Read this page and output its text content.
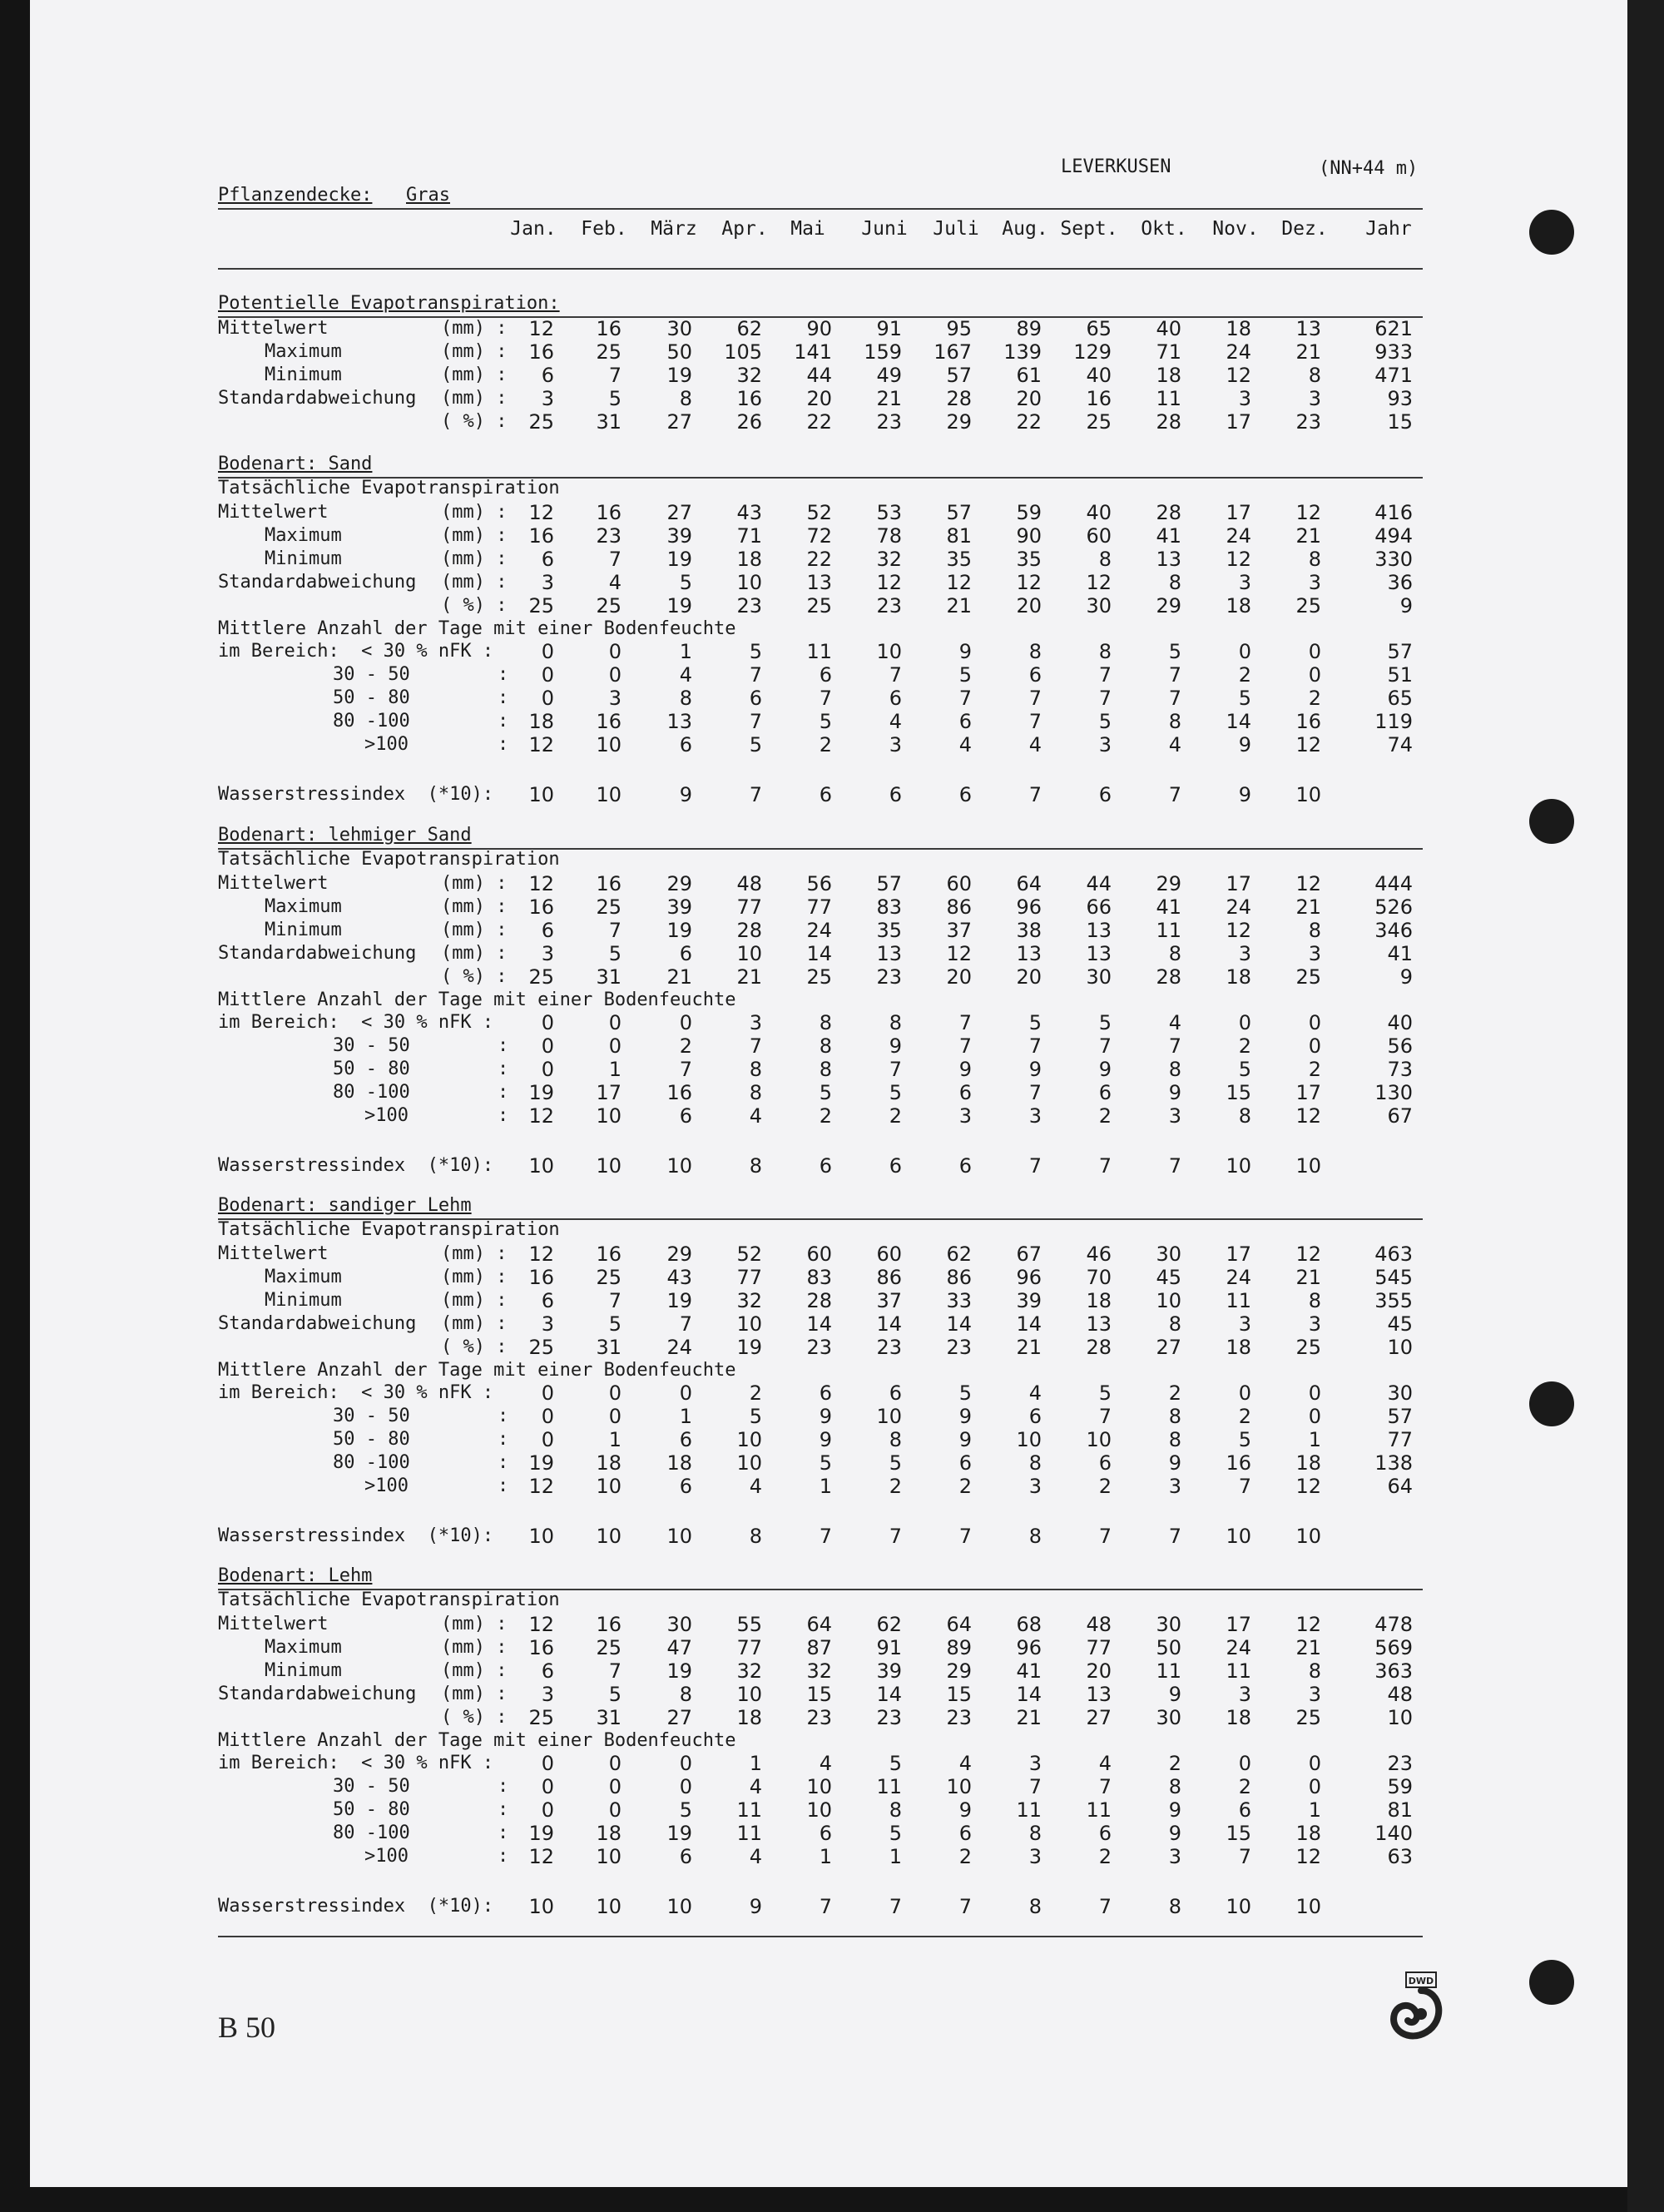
LEVERKUSEN	(NN+44 m)
Pflanzendecke: Gras
Jan.	Feb.	März	Apr.	Mai	Juni	Juli	Aug. Sept.	Okt.	Nov.	Dez.	Jahr
Potentielle Evapotranspiration:
Mittelwert	(mm) :	12	16	30	62	90	91	95	89	65	40	18	13	621
Maximum	(mm) :	16	25	50	105	141	159	167	139	129	71	24	21	933
Minimum	(mm) :	6	7	19	32	44	49	57	61	40	18	12	8	471
Standardabweichung (mm) :	3	5	8	16	20	21	28	20	16	11	3	3	93
( %) :	25	31	27	26	22	23	29	22	25	28	17	23	15
Bodenart: Sand
Tatsächliche Evapotranspiration
Mittelwert	(mm) :	12	16	27	43	52	53	57	59	40	28	17	12	416
Maximum	(mm) :	16	23	39	71	72	78	81	90	60	41	24	21	494
Minimum	(mm) :	6	7	19	18	22	32	35	35	8	13	12	8	330
Standardabweichung (mm) :	3	4	5	10	13	12	12	12	12	8	3	3	36
( %) :	25	25	19	23	25	23	21	20	30	29	18	25	9
Mittlere Anzahl der Tage mit einer Bodenfeuchte
im Bereich:  < 30 % nFK :	0	0	1	5	11	10	9	8	8	5	0	0	57
30 - 50	:	0	0	4	7	6	7	5	6	7	7	2	0	51
50 - 80	:	0	3	8	6	7	6	7	7	7	7	5	2	65
80 -100	:	18	16	13	7	5	4	6	7	5	8	14	16	119
>100	:	12	10	6	5	2	3	4	4	3	4	9	12	74
Wasserstressindex  (*10):	10	10	9	7	6	6	6	7	6	7	9	10
Bodenart: lehmiger Sand
Tatsächliche Evapotranspiration
Mittelwert	(mm) :	12	16	29	48	56	57	60	64	44	29	17	12	444
Maximum	(mm) :	16	25	39	77	77	83	86	96	66	41	24	21	526
Minimum	(mm) :	6	7	19	28	24	35	37	38	13	11	12	8	346
Standardabweichung (mm) :	3	5	6	10	14	13	12	13	13	8	3	3	41
( %) :	25	31	21	21	25	23	20	20	30	28	18	25	9
Mittlere Anzahl der Tage mit einer Bodenfeuchte
im Bereich:  < 30 % nFK :	0	0	0	3	8	8	7	5	5	4	0	0	40
30 - 50	:	0	0	2	7	8	9	7	7	7	7	2	0	56
50 - 80	:	0	1	7	8	8	7	9	9	9	8	5	2	73
80 -100	:	19	17	16	8	5	5	6	7	6	9	15	17	130
>100	:	12	10	6	4	2	2	3	3	2	3	8	12	67
Wasserstressindex  (*10):	10	10	10	8	6	6	6	7	7	7	10	10
Bodenart: sandiger Lehm
Tatsächliche Evapotranspiration
Mittelwert	(mm) :	12	16	29	52	60	60	62	67	46	30	17	12	463
Maximum	(mm) :	16	25	43	77	83	86	86	96	70	45	24	21	545
Minimum	(mm) :	6	7	19	32	28	37	33	39	18	10	11	8	355
Standardabweichung (mm) :	3	5	7	10	14	14	14	14	13	8	3	3	45
( %) :	25	31	24	19	23	23	23	21	28	27	18	25	10
Mittlere Anzahl der Tage mit einer Bodenfeuchte
im Bereich:  < 30 % nFK :	0	0	0	2	6	6	5	4	5	2	0	0	30
30 - 50	:	0	0	1	5	9	10	9	6	7	8	2	0	57
50 - 80	:	0	1	6	10	9	8	9	10	10	8	5	1	77
80 -100	:	19	18	18	10	5	5	6	8	6	9	16	18	138
>100	:	12	10	6	4	1	2	2	3	2	3	7	12	64
Wasserstressindex  (*10):	10	10	10	8	7	7	7	8	7	7	10	10
Bodenart: Lehm
Tatsächliche Evapotranspiration
Mittelwert	(mm) :	12	16	30	55	64	62	64	68	48	30	17	12	478
Maximum	(mm) :	16	25	47	77	87	91	89	96	77	50	24	21	569
Minimum	(mm) :	6	7	19	32	32	39	29	41	20	11	11	8	363
Standardabweichung (mm) :	3	5	8	10	15	14	15	14	13	9	3	3	48
( %) :	25	31	27	18	23	23	23	21	27	30	18	25	10
Mittlere Anzahl der Tage mit einer Bodenfeuchte
im Bereich:  < 30 % nFK :	0	0	0	1	4	5	4	3	4	2	0	0	23
30 - 50	:	0	0	0	4	10	11	10	7	7	8	2	0	59
50 - 80	:	0	0	5	11	10	8	9	11	11	9	6	1	81
80 -100	:	19	18	19	11	6	5	6	8	6	9	15	18	140
>100	:	12	10	6	4	1	1	2	3	2	3	7	12	63
Wasserstressindex  (*10):	10	10	10	9	7	7	7	8	7	8	10	10
B 50
DWD
